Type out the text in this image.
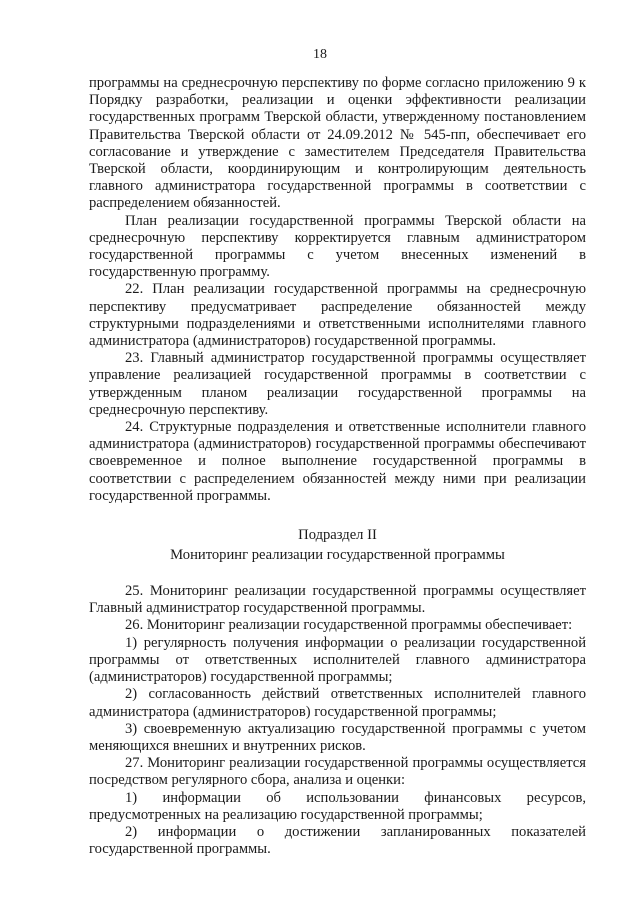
18

программы на среднесрочную перспективу по форме согласно приложению 9 к Порядку разработки, реализации и оценки эффективности реализации государственных программ Тверской области, утвержденному постановлением Правительства Тверской области от 24.09.2012 № 545-пп, обеспечивает его согласование и утверждение с заместителем Председателя Правительства Тверской области, координирующим и контролирующим деятельность главного администратора государственной программы в соответствии с распределением обязанностей.

План реализации государственной программы Тверской области на среднесрочную перспективу корректируется главным администратором государственной программы с учетом внесенных изменений в государственную программу.

22. План реализации государственной программы на среднесрочную перспективу предусматривает распределение обязанностей между структурными подразделениями и ответственными исполнителями главного администратора (администраторов) государственной программы.

23. Главный администратор государственной программы осуществляет управление реализацией государственной программы в соответствии с утвержденным планом реализации государственной программы на среднесрочную перспективу.

24. Структурные подразделения и ответственные исполнители главного администратора (администраторов) государственной программы обеспечивают своевременное и полное выполнение государственной программы в соответствии с распределением обязанностей между ними при реализации государственной программы.

Подраздел II
Мониторинг реализации государственной программы

25. Мониторинг реализации государственной программы осуществляет Главный администратор государственной программы.

26. Мониторинг реализации государственной программы обеспечивает:

1) регулярность получения информации о реализации государственной программы от ответственных исполнителей главного администратора (администраторов) государственной программы;

2) согласованность действий ответственных исполнителей главного администратора (администраторов) государственной программы;

3) своевременную актуализацию государственной программы с учетом меняющихся внешних и внутренних рисков.

27. Мониторинг реализации государственной программы осуществляется посредством регулярного сбора, анализа и оценки:

1) информации об использовании финансовых ресурсов, предусмотренных на реализацию государственной программы;

2) информации о достижении запланированных показателей государственной программы.
